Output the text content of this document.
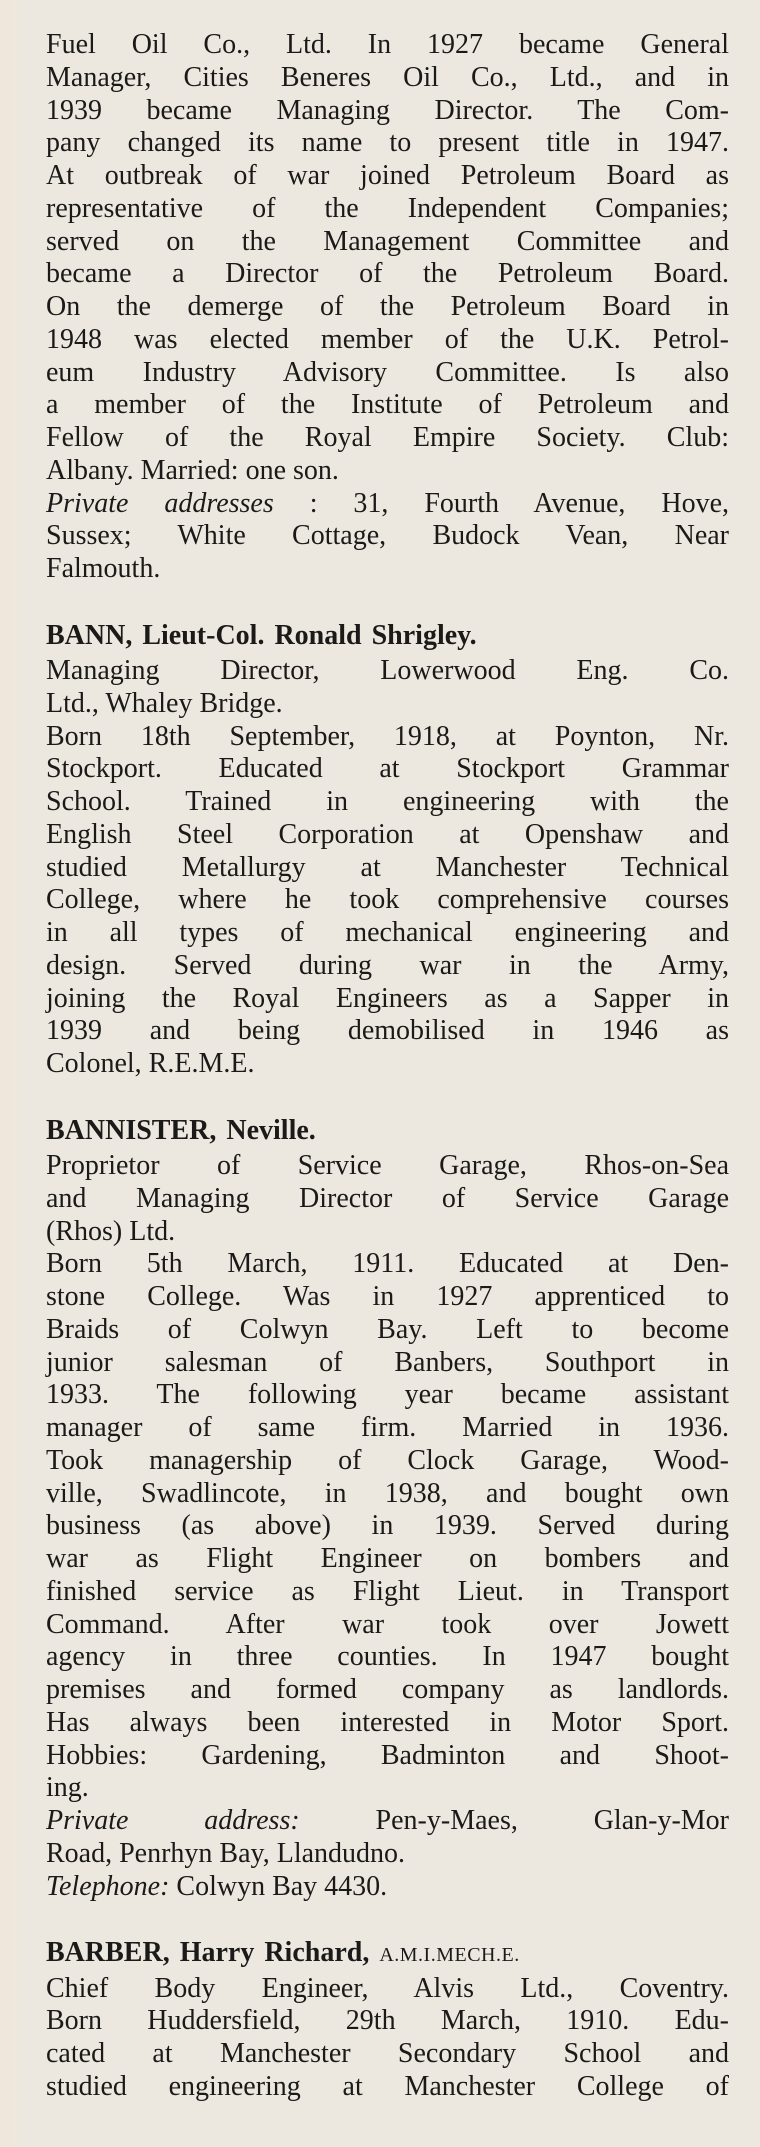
Fuel Oil Co., Ltd. In 1927 became General
Manager, Cities Beneres Oil Co., Ltd., and in
1939 became Managing Director. The Com-
pany changed its name to present title in 1947.
At outbreak of war joined Petroleum Board as
representative of the Independent Companies;
served on the Management Committee and
became a Director of the Petroleum Board.
On the demerge of the Petroleum Board in
1948 was elected member of the U.K. Petrol-
eum Industry Advisory Committee. Is also
a member of the Institute of Petroleum and
Fellow of the Royal Empire Society. Club:
Albany. Married: one son.
Private addresses : 31, Fourth Avenue, Hove,
Sussex; White Cottage, Budock Vean, Near
Falmouth.
BANN, Lieut-Col. Ronald Shrigley.
Managing Director, Lowerwood Eng. Co.
Ltd., Whaley Bridge.
Born 18th September, 1918, at Poynton, Nr.
Stockport. Educated at Stockport Grammar
School. Trained in engineering with the
English Steel Corporation at Openshaw and
studied Metallurgy at Manchester Technical
College, where he took comprehensive courses
in all types of mechanical engineering and
design. Served during war in the Army,
joining the Royal Engineers as a Sapper in
1939 and being demobilised in 1946 as
Colonel, R.E.M.E.
BANNISTER, Neville.
Proprietor of Service Garage, Rhos-on-Sea
and Managing Director of Service Garage
(Rhos) Ltd.
Born 5th March, 1911. Educated at Den-
stone College. Was in 1927 apprenticed to
Braids of Colwyn Bay. Left to become
junior salesman of Banbers, Southport in
1933. The following year became assistant
manager of same firm. Married in 1936.
Took managership of Clock Garage, Wood-
ville, Swadlincote, in 1938, and bought own
business (as above) in 1939. Served during
war as Flight Engineer on bombers and
finished service as Flight Lieut. in Transport
Command. After war took over Jowett
agency in three counties. In 1947 bought
premises and formed company as landlords.
Has always been interested in Motor Sport.
Hobbies: Gardening, Badminton and Shoot-
ing.
Private address: Pen-y-Maes, Glan-y-Mor
Road, Penrhyn Bay, Llandudno.
Telephone: Colwyn Bay 4430.
BARBER, Harry Richard, A.M.I.MECH.E.
Chief Body Engineer, Alvis Ltd., Coventry.
Born Huddersfield, 29th March, 1910. Edu-
cated at Manchester Secondary School and
studied engineering at Manchester College of
